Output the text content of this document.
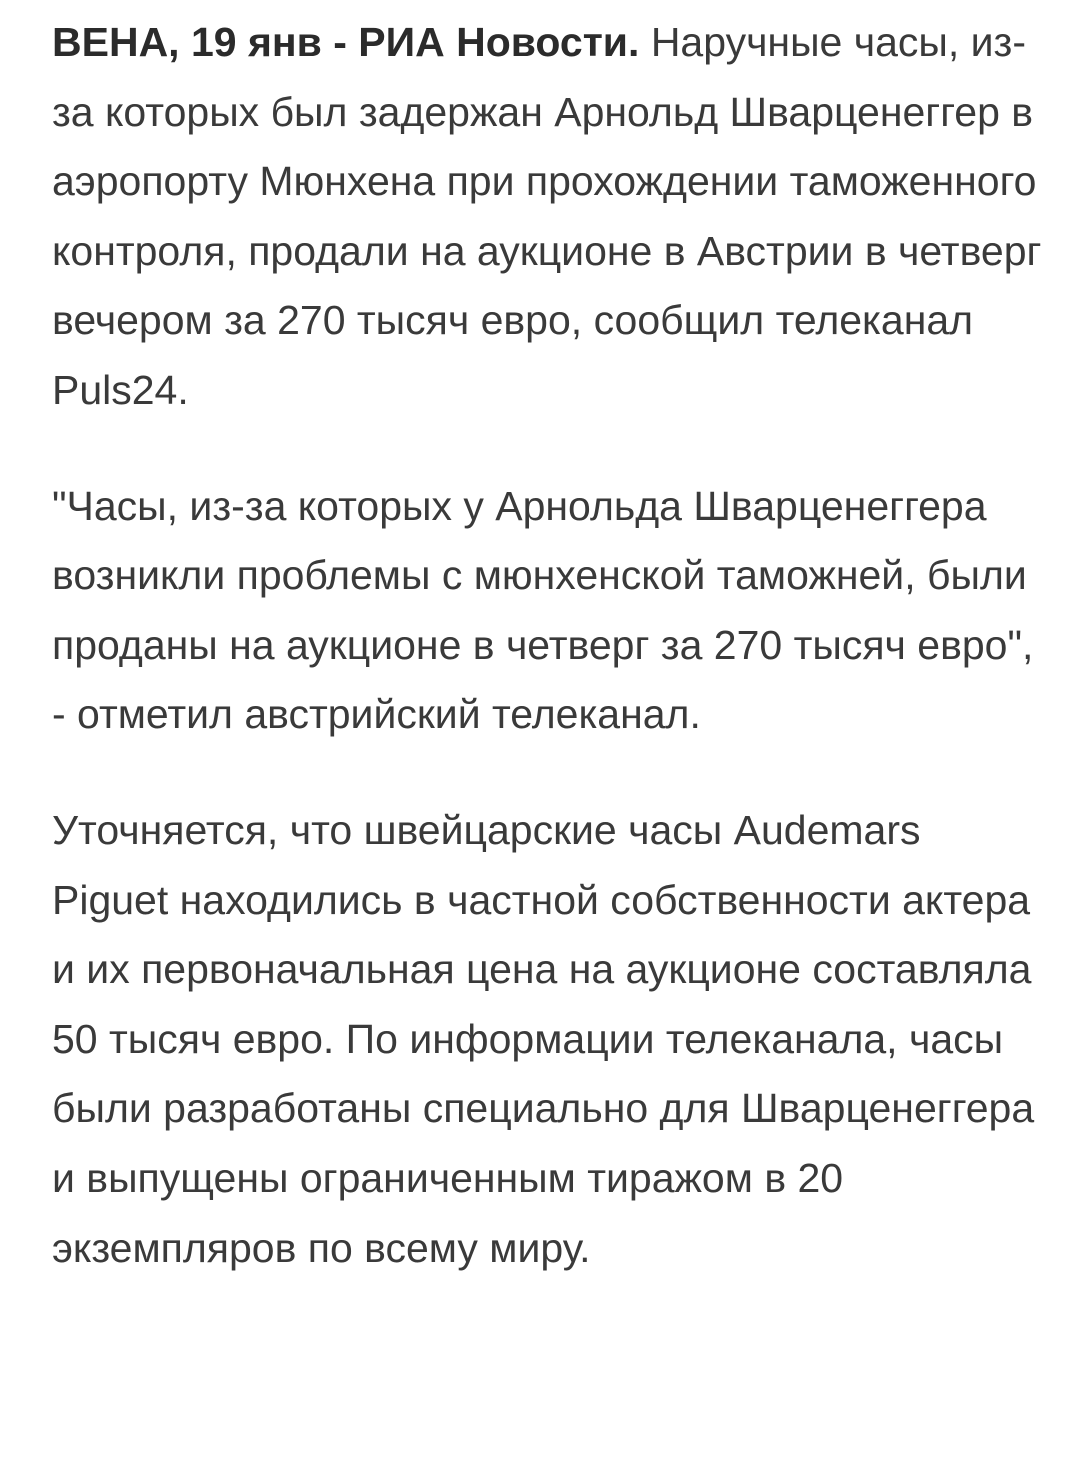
ВЕНА, 19 янв - РИА Новости. Наручные часы, из-за которых был задержан Арнольд Шварценеггер в аэропорту Мюнхена при прохождении таможенного контроля, продали на аукционе в Австрии в четверг вечером за 270 тысяч евро, сообщил телеканал Puls24.

"Часы, из-за которых у Арнольда Шварценеггера возникли проблемы с мюнхенской таможней, были проданы на аукционе в четверг за 270 тысяч евро", - отметил австрийский телеканал.

Уточняется, что швейцарские часы Audemars Piguet находились в частной собственности актера и их первоначальная цена на аукционе составляла 50 тысяч евро. По информации телеканала, часы были разработаны специально для Шварценеггера и выпущены ограниченным тиражом в 20 экземпляров по всему миру.
